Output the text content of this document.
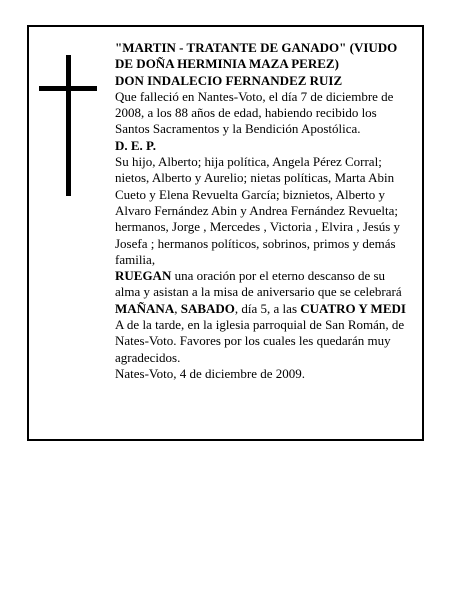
"MARTIN - TRATANTE DE GANADO" (VIUDO
DE DOÑA HERMINIA MAZA PEREZ)
DON INDALECIO FERNANDEZ RUIZ
Que falleció en Nantes-Voto, el día 7 de diciembre de
2008, a los 88 años de edad, habiendo recibido los
Santos Sacramentos y la Bendición Apostólica.
D. E. P.
Su hijo, Alberto; hija política, Angela Pérez Corral;
nietos, Alberto y Aurelio; nietas políticas, Marta Abin
Cueto y Elena Revuelta García; biznietos, Alberto y
Alvaro Fernández Abin y Andrea Fernández Revuelta;
hermanos, Jorge , Mercedes , Victoria , Elvira , Jesús y
Josefa ; hermanos políticos, sobrinos, primos y demás
familia,
RUEGAN una oración por el eterno descanso de su
alma y asistan a la misa de aniversario que se celebrará
MAÑANA, SABADO, día 5, a las CUATRO Y MEDI
A de la tarde, en la iglesia parroquial de San Román, de
Nates-Voto. Favores por los cuales les quedarán muy
agradecidos.
Nates-Voto, 4 de diciembre de 2009.
